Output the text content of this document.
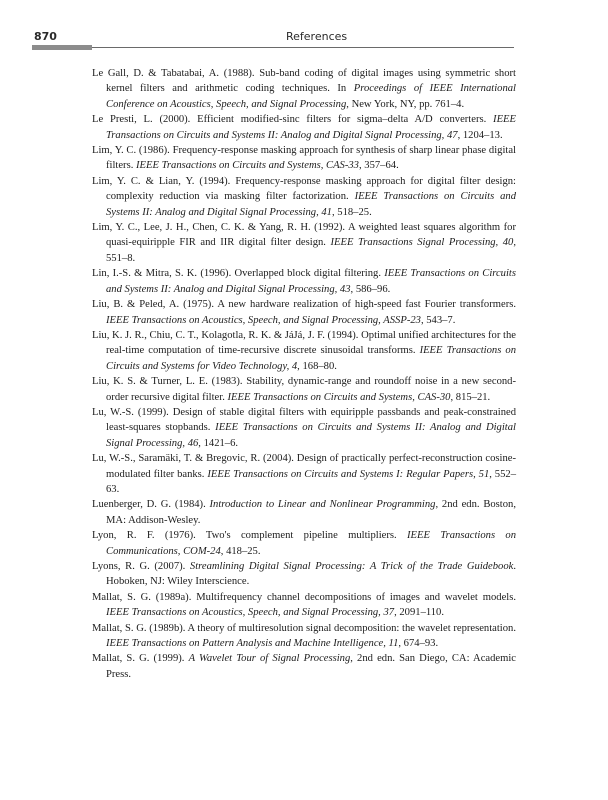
870	References
Le Gall, D. & Tabatabai, A. (1988). Sub-band coding of digital images using symmetric short kernel filters and arithmetic coding techniques. In Proceedings of IEEE International Conference on Acoustics, Speech, and Signal Processing, New York, NY, pp. 761–4.
Le Presti, L. (2000). Efficient modified-sinc filters for sigma–delta A/D converters. IEEE Transactions on Circuits and Systems II: Analog and Digital Signal Processing, 47, 1204–13.
Lim, Y. C. (1986). Frequency-response masking approach for synthesis of sharp linear phase digital filters. IEEE Transactions on Circuits and Systems, CAS-33, 357–64.
Lim, Y. C. & Lian, Y. (1994). Frequency-response masking approach for digital filter design: complexity reduction via masking filter factorization. IEEE Transactions on Circuits and Systems II: Analog and Digital Signal Processing, 41, 518–25.
Lim, Y. C., Lee, J. H., Chen, C. K. & Yang, R. H. (1992). A weighted least squares algorithm for quasi-equiripple FIR and IIR digital filter design. IEEE Transactions Signal Processing, 40, 551–8.
Lin, I.-S. & Mitra, S. K. (1996). Overlapped block digital filtering. IEEE Transactions on Circuits and Systems II: Analog and Digital Signal Processing, 43, 586–96.
Liu, B. & Peled, A. (1975). A new hardware realization of high-speed fast Fourier transformers. IEEE Transactions on Acoustics, Speech, and Signal Processing, ASSP-23, 543–7.
Liu, K. J. R., Chiu, C. T., Kolagotla, R. K. & JáJá, J. F. (1994). Optimal unified architectures for the real-time computation of time-recursive discrete sinusoidal transforms. IEEE Transactions on Circuits and Systems for Video Technology, 4, 168–80.
Liu, K. S. & Turner, L. E. (1983). Stability, dynamic-range and roundoff noise in a new second-order recursive digital filter. IEEE Transactions on Circuits and Systems, CAS-30, 815–21.
Lu, W.-S. (1999). Design of stable digital filters with equiripple passbands and peak-constrained least-squares stopbands. IEEE Transactions on Circuits and Systems II: Analog and Digital Signal Processing, 46, 1421–6.
Lu, W.-S., Saramäki, T. & Bregovic, R. (2004). Design of practically perfect-reconstruction cosine-modulated filter banks. IEEE Transactions on Circuits and Systems I: Regular Papers, 51, 552–63.
Luenberger, D. G. (1984). Introduction to Linear and Nonlinear Programming, 2nd edn. Boston, MA: Addison-Wesley.
Lyon, R. F. (1976). Two's complement pipeline multipliers. IEEE Transactions on Communications, COM-24, 418–25.
Lyons, R. G. (2007). Streamlining Digital Signal Processing: A Trick of the Trade Guidebook. Hoboken, NJ: Wiley Interscience.
Mallat, S. G. (1989a). Multifrequency channel decompositions of images and wavelet models. IEEE Transactions on Acoustics, Speech, and Signal Processing, 37, 2091–110.
Mallat, S. G. (1989b). A theory of multiresolution signal decomposition: the wavelet representation. IEEE Transactions on Pattern Analysis and Machine Intelligence, 11, 674–93.
Mallat, S. G. (1999). A Wavelet Tour of Signal Processing, 2nd edn. San Diego, CA: Academic Press.
